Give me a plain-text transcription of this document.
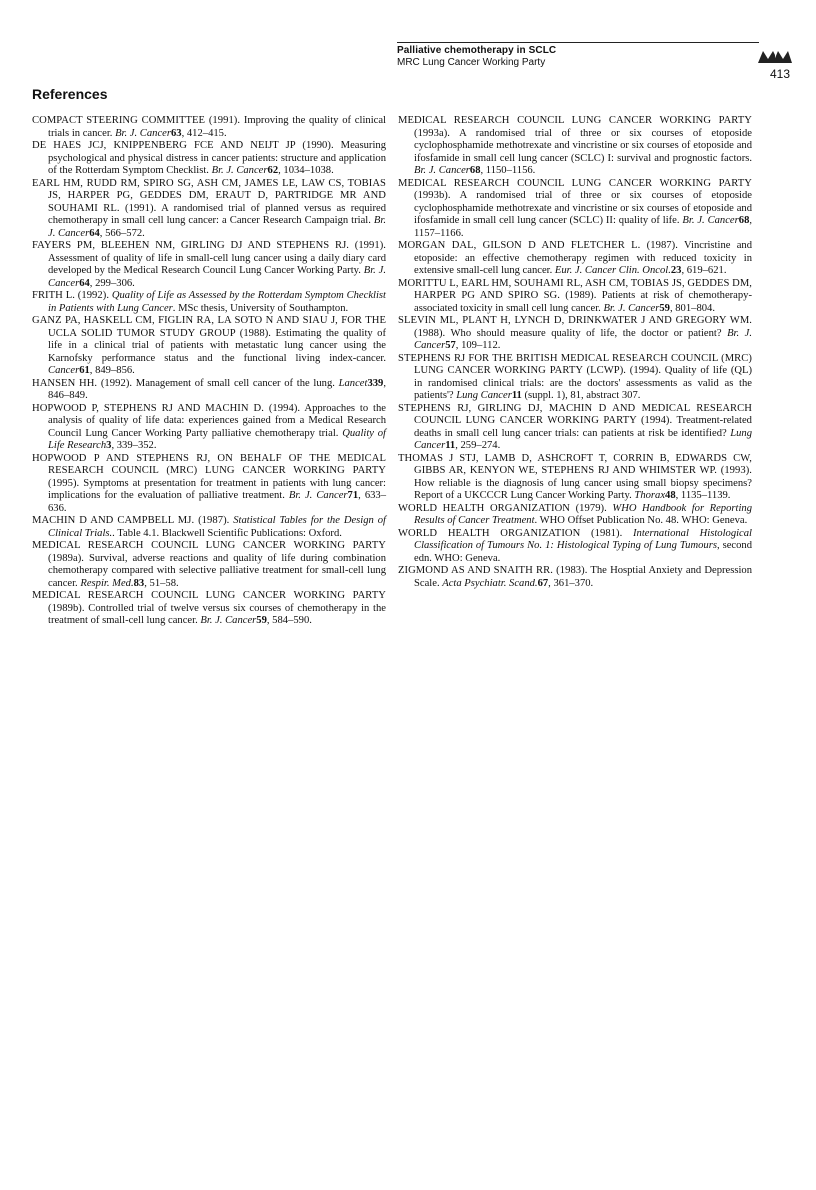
Palliative chemotherapy in SCLC
MRC Lung Cancer Working Party
413
References

COMPACT STEERING COMMITTEE (1991). Improving the quality of clinical trials in cancer. Br. J. Cancer63, 412–415.

DE HAES JCJ, KNIPPENBERG FCE AND NEIJT JP (1990). Measuring psychological and physical distress in cancer patients: structure and application of the Rotterdam Symptom Checklist. Br. J. Cancer62, 1034–1038.

EARL HM, RUDD RM, SPIRO SG, ASH CM, JAMES LE, LAW CS, TOBIAS JS, HARPER PG, GEDDES DM, ERAUT D, PARTRIDGE MR AND SOUHAMI RL. (1991). A randomised trial of planned versus as required chemotherapy in small cell lung cancer: a Cancer Research Campaign trial. Br. J. Cancer64, 566–572.

FAYERS PM, BLEEHEN NM, GIRLING DJ AND STEPHENS RJ. (1991). Assessment of quality of life in small-cell lung cancer using a daily diary card developed by the Medical Research Council Lung Cancer Working Party. Br. J. Cancer64, 299–306.

FRITH L. (1992). Quality of Life as Assessed by the Rotterdam Symptom Checklist in Patients with Lung Cancer. MSc thesis, University of Southampton.

GANZ PA, HASKELL CM, FIGLIN RA, LA SOTO N AND SIAU J, FOR THE UCLA SOLID TUMOR STUDY GROUP (1988). Estimating the quality of life in a clinical trial of patients with metastatic lung cancer using the Karnofsky performance status and the functional living index-cancer. Cancer61, 849–856.

HANSEN HH. (1992). Management of small cell cancer of the lung. Lancet339, 846–849.

HOPWOOD P, STEPHENS RJ AND MACHIN D. (1994). Approaches to the analysis of quality of life data: experiences gained from a Medical Research Council Lung Cancer Working Party palliative chemotherapy trial. Quality of Life Research3, 339–352.

HOPWOOD P AND STEPHENS RJ, ON BEHALF OF THE MEDICAL RESEARCH COUNCIL (MRC) LUNG CANCER WORKING PARTY (1995). Symptoms at presentation for treatment in patients with lung cancer: implications for the evaluation of palliative treatment. Br. J. Cancer71, 633–636.

MACHIN D AND CAMPBELL MJ. (1987). Statistical Tables for the Design of Clinical Trials.. Table 4.1. Blackwell Scientific Publications: Oxford.

MEDICAL RESEARCH COUNCIL LUNG CANCER WORKING PARTY (1989a). Survival, adverse reactions and quality of life during combination chemotherapy compared with selective palliative treatment for small-cell lung cancer. Respir. Med.83, 51–58.

MEDICAL RESEARCH COUNCIL LUNG CANCER WORKING PARTY (1989b). Controlled trial of twelve versus six courses of chemotherapy in the treatment of small-cell lung cancer. Br. J. Cancer59, 584–590.

MEDICAL RESEARCH COUNCIL LUNG CANCER WORKING PARTY (1993a). A randomised trial of three or six courses of etoposide cyclophosphamide methotrexate and vincristine or six courses of etoposide and ifosfamide in small cell lung cancer (SCLC) I: survival and prognostic factors. Br. J. Cancer68, 1150–1156.

MEDICAL RESEARCH COUNCIL LUNG CANCER WORKING PARTY (1993b). A randomised trial of three or six courses of etoposide cyclophosphamide methotrexate and vincristine or six courses of etoposide and ifosfamide in small cell lung cancer (SCLC) II: quality of life. Br. J. Cancer68, 1157–1166.

MORGAN DAL, GILSON D AND FLETCHER L. (1987). Vincristine and etoposide: an effective chemotherapy regimen with reduced toxicity in extensive small-cell lung cancer. Eur. J. Cancer Clin. Oncol.23, 619–621.

MORITTU L, EARL HM, SOUHAMI RL, ASH CM, TOBIAS JS, GEDDES DM, HARPER PG AND SPIRO SG. (1989). Patients at risk of chemotherapy-associated toxicity in small cell lung cancer. Br. J. Cancer59, 801–804.

SLEVIN ML, PLANT H, LYNCH D, DRINKWATER J AND GREGORY WM. (1988). Who should measure quality of life, the doctor or patient? Br. J. Cancer57, 109–112.

STEPHENS RJ FOR THE BRITISH MEDICAL RESEARCH COUNCIL (MRC) LUNG CANCER WORKING PARTY (LCWP). (1994). Quality of life (QL) in randomised clinical trials: are the doctors' assessments as valid as the patients'? Lung Cancer11 (suppl. 1), 81, abstract 307.

STEPHENS RJ, GIRLING DJ, MACHIN D AND MEDICAL RESEARCH COUNCIL LUNG CANCER WORKING PARTY (1994). Treatment-related deaths in small cell lung cancer trials: can patients at risk be identified? Lung Cancer11, 259–274.

THOMAS J STJ, LAMB D, ASHCROFT T, CORRIN B, EDWARDS CW, GIBBS AR, KENYON WE, STEPHENS RJ AND WHIMSTER WP. (1993). How reliable is the diagnosis of lung cancer using small biopsy specimens? Report of a UKCCCR Lung Cancer Working Party. Thorax48, 1135–1139.

WORLD HEALTH ORGANIZATION (1979). WHO Handbook for Reporting Results of Cancer Treatment. WHO Offset Publication No. 48. WHO: Geneva.

WORLD HEALTH ORGANIZATION (1981). International Histological Classification of Tumours No. 1: Histological Typing of Lung Tumours, second edn. WHO: Geneva.

ZIGMOND AS AND SNAITH RR. (1983). The Hosptial Anxiety and Depression Scale. Acta Psychiatr. Scand.67, 361–370.
